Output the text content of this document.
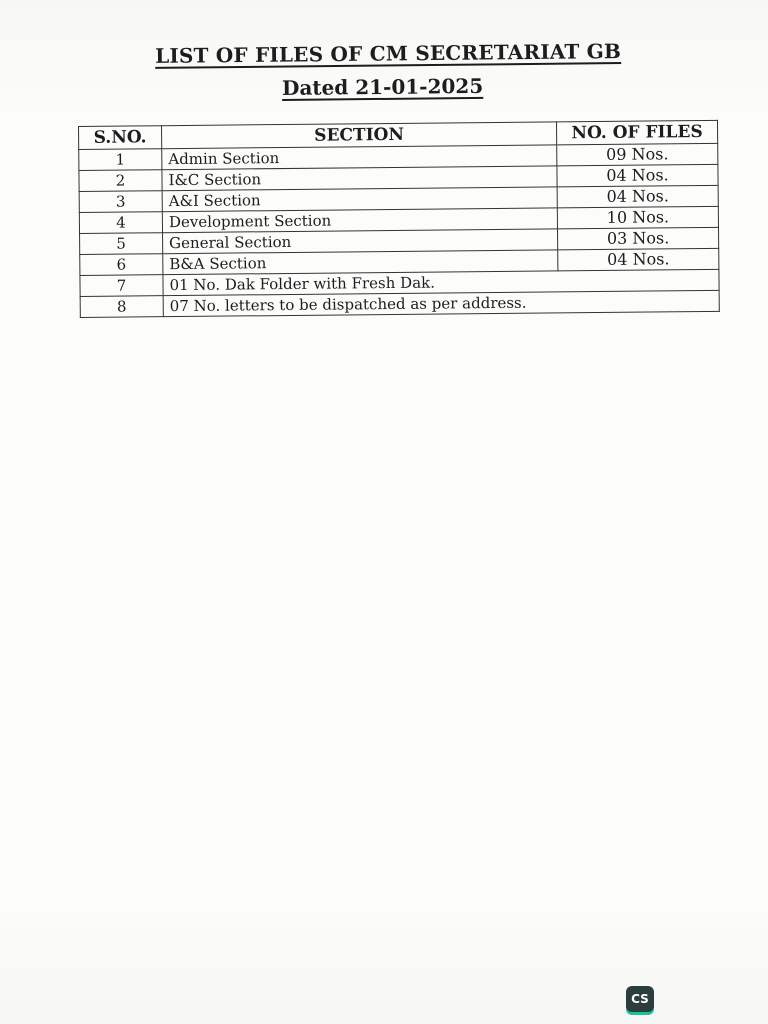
LIST OF FILES OF CM SECRETARIAT GB
Dated 21-01-2025
S.NO.	SECTION	NO. OF FILES
1	Admin Section	09 Nos.
2	I&C Section	04 Nos.
3	A&I Section	04 Nos.
4	Development Section	10 Nos.
5	General Section	03 Nos.
6	B&A Section	04 Nos.
7	01 No. Dak Folder with Fresh Dak.	
8	07 No. letters to be dispatched as per address.	
CS
